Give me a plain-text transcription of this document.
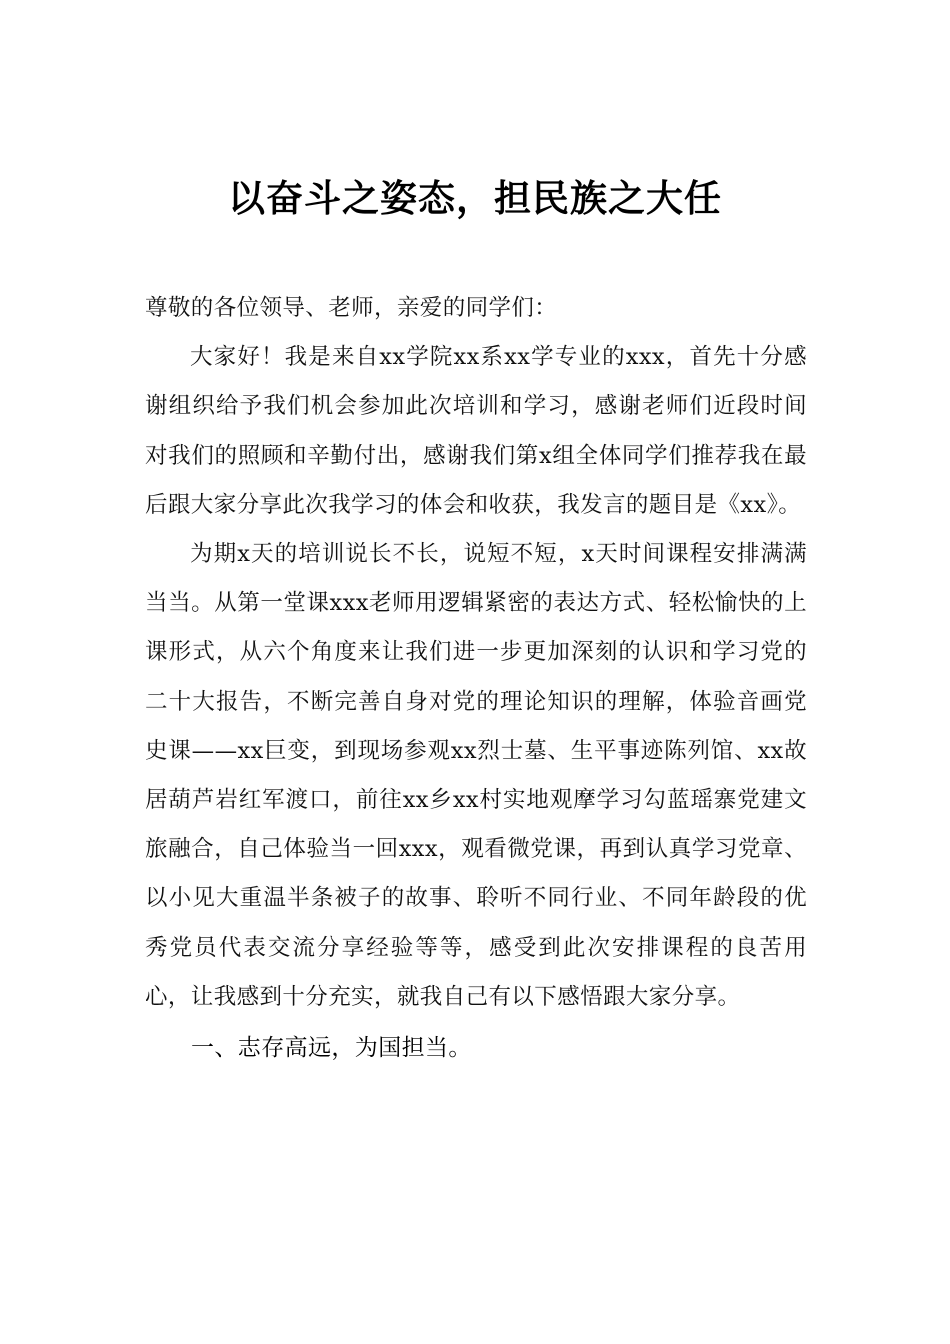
以奋斗之姿态，担民族之大任

尊敬的各位领导、老师，亲爱的同学们：

大家好！我是来自xx学院xx系xx学专业的xxx，首先十分感谢组织给予我们机会参加此次培训和学习，感谢老师们近段时间对我们的照顾和辛勤付出，感谢我们第x组全体同学们推荐我在最后跟大家分享此次我学习的体会和收获，我发言的题目是《xx》。

为期x天的培训说长不长，说短不短，x天时间课程安排满满当当。从第一堂课xxx老师用逻辑紧密的表达方式、轻松愉快的上课形式，从六个角度来让我们进一步更加深刻的认识和学习党的二十大报告，不断完善自身对党的理论知识的理解，体验音画党史课——xx巨变，到现场参观xx烈士墓、生平事迹陈列馆、xx故居葫芦岩红军渡口，前往xx乡xx村实地观摩学习勾蓝瑶寨党建文旅融合，自己体验当一回xxx，观看微党课，再到认真学习党章、以小见大重温半条被子的故事、聆听不同行业、不同年龄段的优秀党员代表交流分享经验等等，感受到此次安排课程的良苦用心，让我感到十分充实，就我自己有以下感悟跟大家分享。

一、志存高远，为国担当。
